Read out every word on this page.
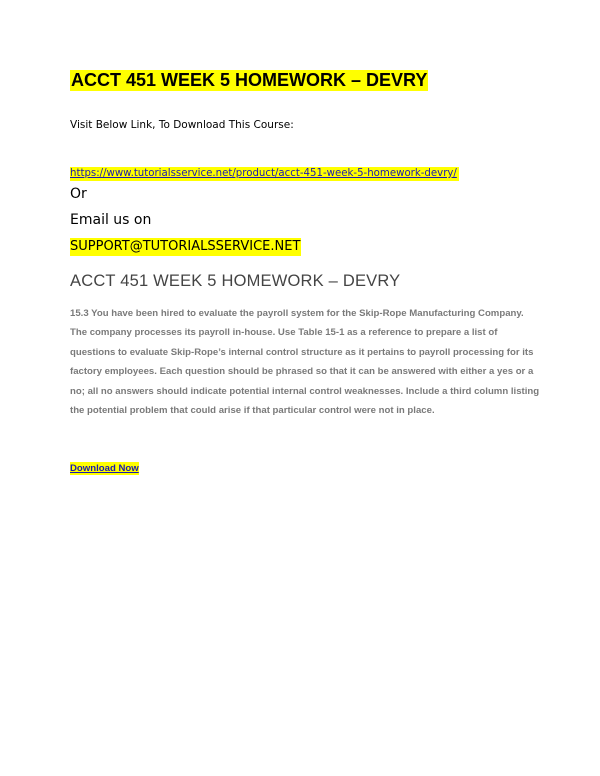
ACCT 451 WEEK 5 HOMEWORK – DEVRY
Visit Below Link, To Download This Course:
https://www.tutorialsservice.net/product/acct-451-week-5-homework-devry/
Or
Email us on
SUPPORT@TUTORIALSSERVICE.NET
ACCT 451 WEEK 5 HOMEWORK – DEVRY
15.3 You have been hired to evaluate the payroll system for the Skip-Rope Manufacturing Company. The company processes its payroll in-house. Use Table 15-1 as a reference to prepare a list of questions to evaluate Skip-Rope’s internal control structure as it pertains to payroll processing for its factory employees. Each question should be phrased so that it can be answered with either a yes or a no; all no answers should indicate potential internal control weaknesses. Include a third column listing the potential problem that could arise if that particular control were not in place.
Download Now
